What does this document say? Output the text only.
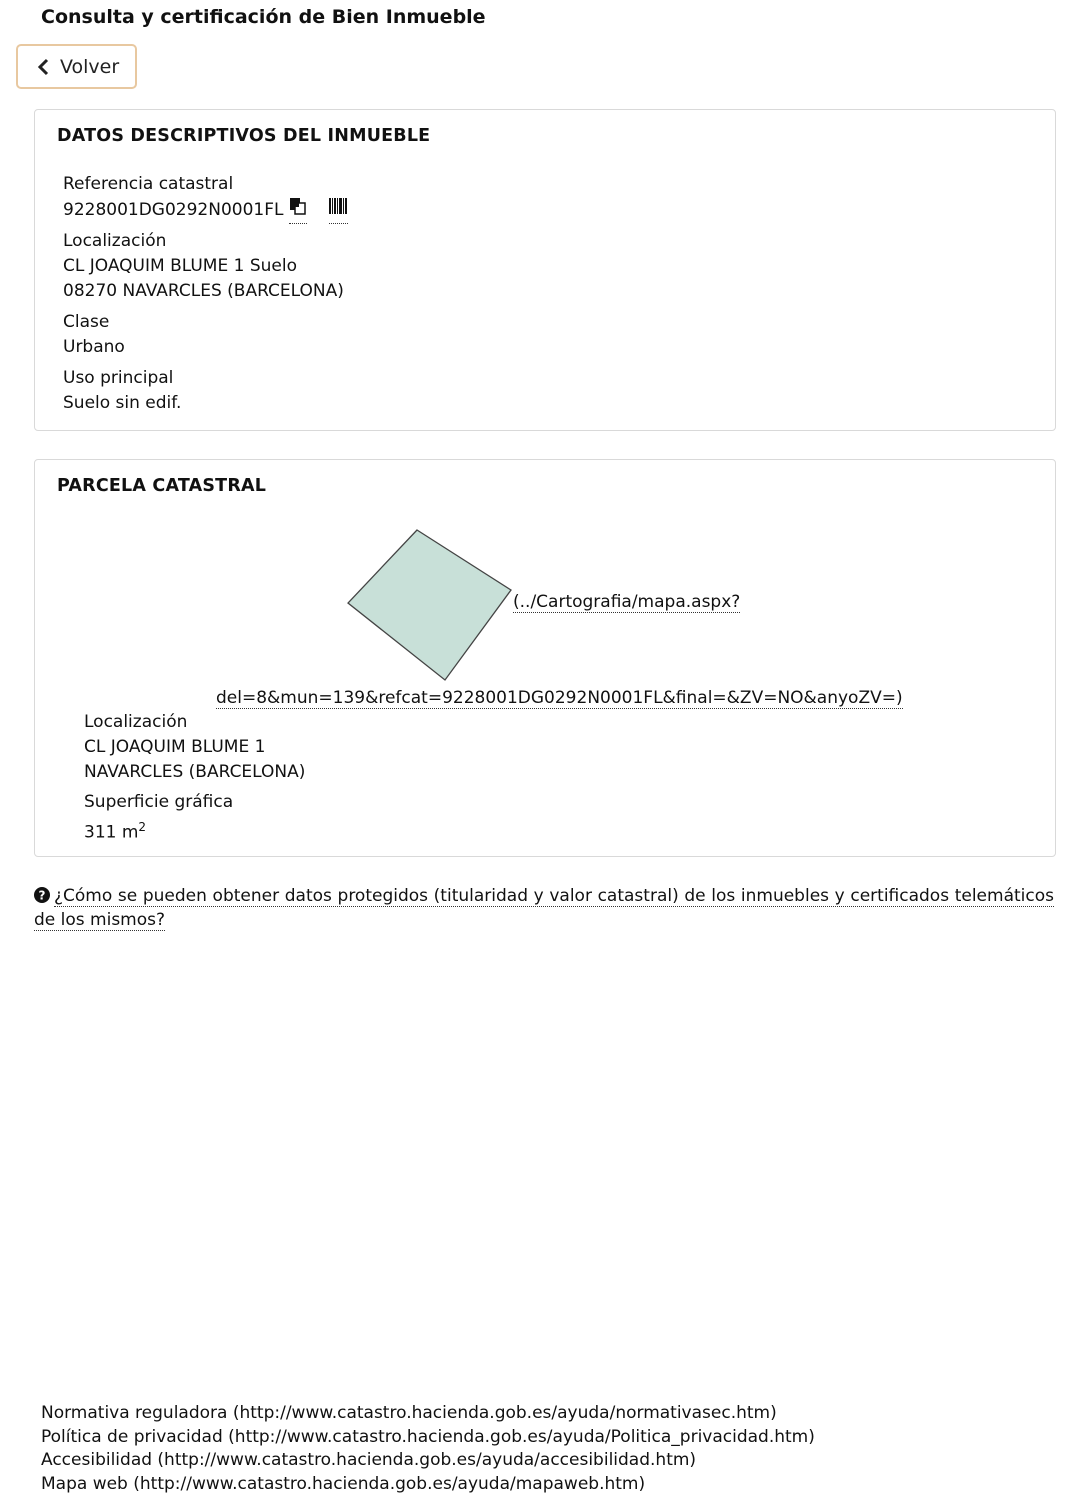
Consulta y certificación de Bien Inmueble
Volver
DATOS DESCRIPTIVOS DEL INMUEBLE
Referencia catastral
9228001DG0292N0001FL
Localización
CL JOAQUIM BLUME 1 Suelo
08270 NAVARCLES (BARCELONA)
Clase
Urbano
Uso principal
Suelo sin edif.
PARCELA CATASTRAL
(../Cartografia/mapa.aspx?
del=8&mun=139&refcat=9228001DG0292N0001FL&final=&ZV=NO&anyoZV=)
Localización
CL JOAQUIM BLUME 1
NAVARCLES (BARCELONA)
Superficie gráfica
311 $m^2$
? ¿Cómo se pueden obtener datos protegidos (titularidad y valor catastral) de los inmuebles y certificados telemáticos de los mismos?
Normativa reguladora (http://www.catastro.hacienda.gob.es/ayuda/normativasec.htm)
Política de privacidad (http://www.catastro.hacienda.gob.es/ayuda/Politica_privacidad.htm)
Accesibilidad (http://www.catastro.hacienda.gob.es/ayuda/accesibilidad.htm)
Mapa web (http://www.catastro.hacienda.gob.es/ayuda/mapaweb.htm)
